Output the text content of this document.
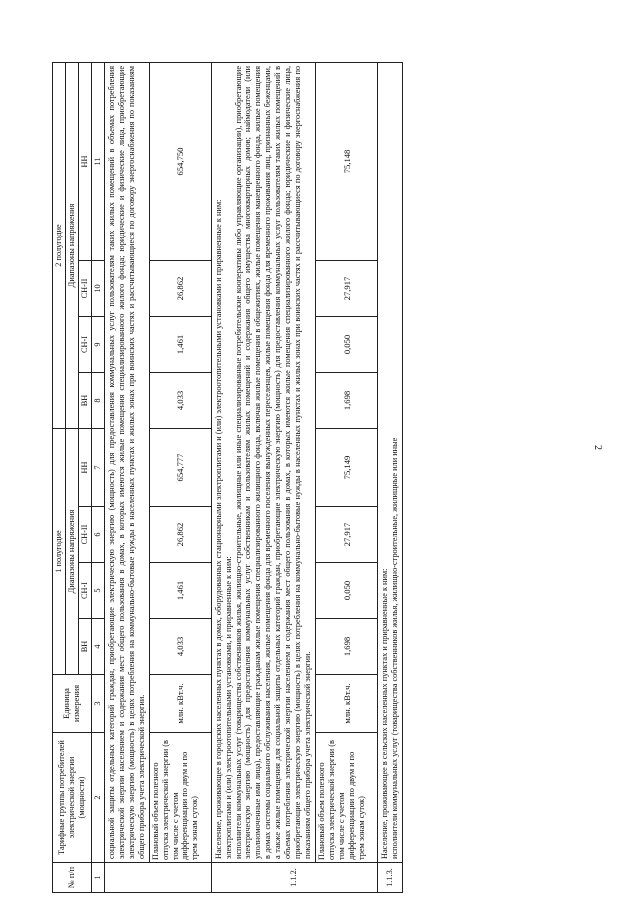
2
№ п/п	Тарифные группы потребителей электрической энергии (мощности)	Единица измерения	1 полугодие				2 полугодие			
			Диапазоны напряжения				Диапазоны напряжения			
			ВН	СН-I	СН-II	НН	ВН	СН-I	СН-II	НН
1	2	3	4	5	6	7	8	9	10	11
	социальной защиты отдельных категорий граждан, приобретающие электрическую энергию (мощность) для предоставления коммунальных услуг пользователям таких жилых помещений в объемах потребления электрической энергии населением и содержания мест общего пользования в домах, в которых имеются жилые помещения специализированного жилого фонда; юридические и физические лица, приобретающие электрическую энергию (мощность) в целях потребления на коммунально-бытовые нужды в населенных пунктах и жилых зонах при воинских частях и рассчитывающиеся по договору энергоснабжения по показаниям общего прибора учета электрической энергии.									
	Плановый объем полезного отпуска электрической энергии (в том числе с учетом дифференциации по двум и по трем зонам суток)	млн. кВт.ч.	4,033	1,461	26,862	654,777	4,033	1,461	26,862	654,750
1.1.2.	Население, проживающее в городских населенных пунктах в домах, оборудованных стационарными электроплитами и (или) электроотопительными установками и приравненные к ним:
электроплитами и (или) электроотопительными установками, и приравненные к ним:
исполнители коммунальных услуг (товарищества собственников жилья, жилищно-строительные, жилищные или иные специализированные потребительские кооперативы либо управляющие организации), приобретающие электрическую энергию (мощность) для предоставления коммунальных услуг собственникам и пользователям жилых помещений и содержания общего имущества многоквартирных домов; наймодатели (или уполномоченные ими лица), предоставляющие гражданам жилые помещения специализированного жилищного фонда, включая жилые помещения в общежитиях, жилые помещения маневренного фонда, жилые помещения в домах системы социального обслуживания населения, жилые помещения фонда для временного поселения вынужденных переселенцев, жилые помещения фонда для временного проживания лиц, признанных беженцами, а также жилые помещения для социальной защиты отдельных категорий граждан, приобретающие электрическую энергию (мощность) для предоставления коммунальных услуг пользователям таких жилых помещений в объемах потребления электрической энергии населением и содержания мест общего пользования в домах, в которых имеются жилые помещения специализированного жилого фонда; юридические и физические лица, приобретающие электрическую энергию (мощность) в целях потребления на коммунально-бытовые нужды в населенных пунктах и жилых зонах при воинских частях и рассчитывающиеся по договору энергоснабжения по показаниям общего прибора учета электрической энергии.									
	Плановый объем полезного отпуска электрической энергии (в том числе с учетом дифференциации по двум и по трем зонам суток)	млн. кВт.ч.	1,698	0,050	27,917	75,149	1,698	0,050	27,917	75,148
1.1.3.	Население, проживающее в сельских населенных пунктах и приравненные к ним:
исполнители коммунальных услуг (товарищества собственников жилья, жилищно-строительные, жилищные или иные									
